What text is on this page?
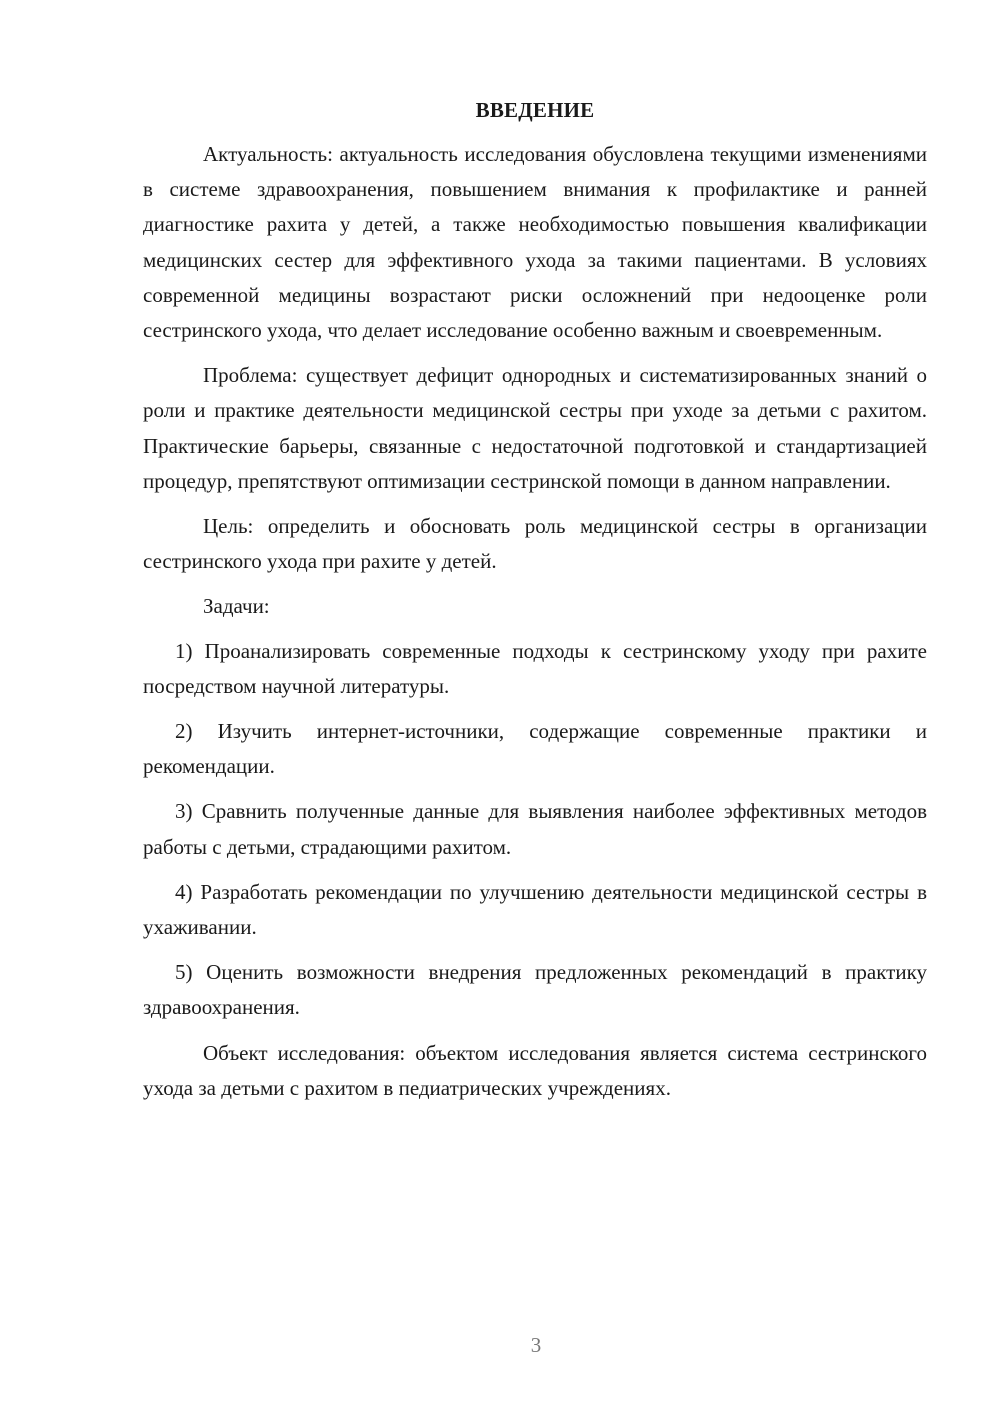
ВВЕДЕНИЕ

Актуальность: актуальность исследования обусловлена текущими изменениями в системе здравоохранения, повышением внимания к профилактике и ранней диагностике рахита у детей, а также необходимостью повышения квалификации медицинских сестер для эффективного ухода за такими пациентами. В условиях современной медицины возрастают риски осложнений при недооценке роли сестринского ухода, что делает исследование особенно важным и своевременным.

Проблема: существует дефицит однородных и систематизированных знаний о роли и практике деятельности медицинской сестры при уходе за детьми с рахитом. Практические барьеры, связанные с недостаточной подготовкой и стандартизацией процедур, препятствуют оптимизации сестринской помощи в данном направлении.

Цель: определить и обосновать роль медицинской сестры в организации сестринского ухода при рахите у детей.

Задачи:

1) Проанализировать современные подходы к сестринскому уходу при рахите посредством научной литературы.

2) Изучить интернет-источники, содержащие современные практики и рекомендации.

3) Сравнить полученные данные для выявления наиболее эффективных методов работы с детьми, страдающими рахитом.

4) Разработать рекомендации по улучшению деятельности медицинской сестры в ухаживании.

5) Оценить возможности внедрения предложенных рекомендаций в практику здравоохранения.

Объект исследования: объектом исследования является система сестринского ухода за детьми с рахитом в педиатрических учреждениях.

3
